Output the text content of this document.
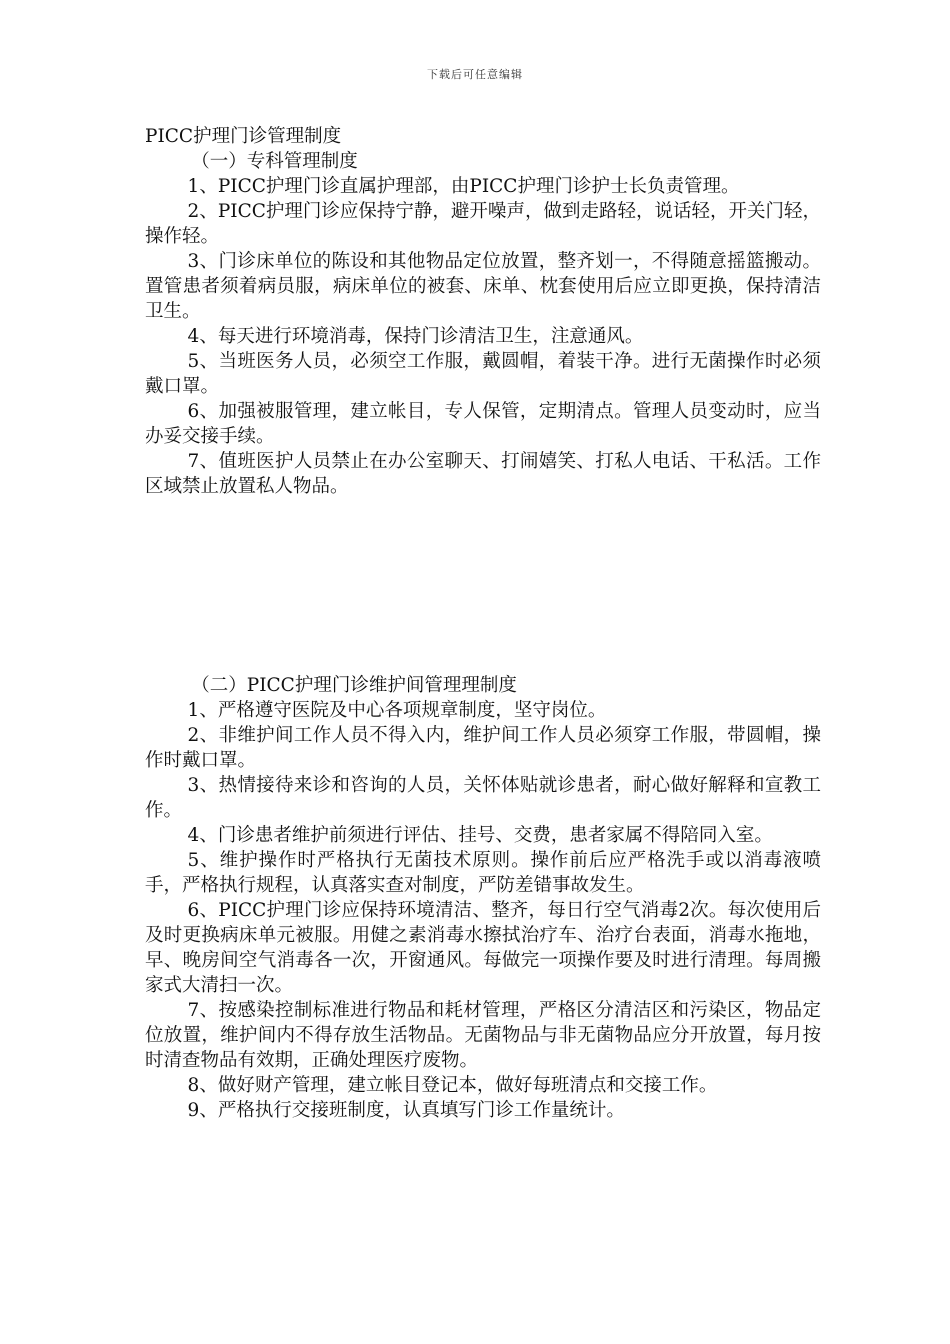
下载后可任意编辑

PICC护理门诊管理制度

（一）专科管理制度

1、PICC护理门诊直属护理部，由PICC护理门诊护士长负责管理。

2、PICC护理门诊应保持宁静，避开噪声，做到走路轻，说话轻，开关门轻，操作轻。

3、门诊床单位的陈设和其他物品定位放置，整齐划一，不得随意摇篮搬动。置管患者须着病员服，病床单位的被套、床单、枕套使用后应立即更换，保持清洁卫生。

4、每天进行环境消毒，保持门诊清洁卫生，注意通风。

5、当班医务人员，必须空工作服，戴圆帽，着装干净。进行无菌操作时必须戴口罩。

6、加强被服管理，建立帐目，专人保管，定期清点。管理人员变动时，应当办妥交接手续。

7、值班医护人员禁止在办公室聊天、打闹嬉笑、打私人电话、干私活。工作区域禁止放置私人物品。

（二）PICC护理门诊维护间管理理制度

1、严格遵守医院及中心各项规章制度，坚守岗位。

2、非维护间工作人员不得入内，维护间工作人员必须穿工作服，带圆帽，操作时戴口罩。

3、热情接待来诊和咨询的人员，关怀体贴就诊患者，耐心做好解释和宣教工作。

4、门诊患者维护前须进行评估、挂号、交费，患者家属不得陪同入室。

5、维护操作时严格执行无菌技术原则。操作前后应严格洗手或以消毒液喷手，严格执行规程，认真落实查对制度，严防差错事故发生。

6、PICC护理门诊应保持环境清洁、整齐，每日行空气消毒2次。每次使用后及时更换病床单元被服。用健之素消毒水擦拭治疗车、治疗台表面，消毒水拖地，早、晚房间空气消毒各一次，开窗通风。每做完一项操作要及时进行清理。每周搬家式大清扫一次。

7、按感染控制标准进行物品和耗材管理，严格区分清洁区和污染区，物品定位放置，维护间内不得存放生活物品。无菌物品与非无菌物品应分开放置，每月按时清查物品有效期，正确处理医疗废物。

8、做好财产管理，建立帐目登记本，做好每班清点和交接工作。

9、严格执行交接班制度，认真填写门诊工作量统计。
